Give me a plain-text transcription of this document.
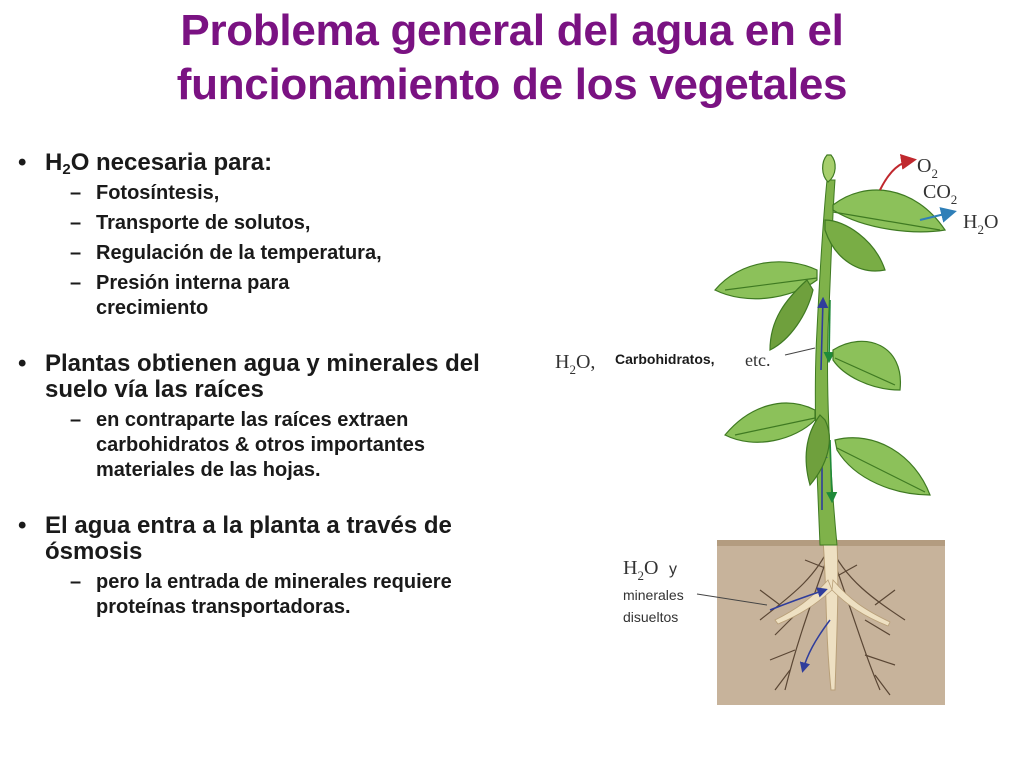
Problema general del agua en el
funcionamiento de los vegetales
• $H_2O$ necesaria para:
– Fotosíntesis,
– Transporte de solutos,
– Regulación de la temperatura,
– Presión interna para crecimiento
• Plantas obtienen agua y minerales del suelo vía las raíces
– en contraparte las raíces extraen carbohidratos & otros importantes materiales de las hojas.
• El agua entra a la planta a través de ósmosis
– pero la entrada de minerales requiere proteínas transportadoras.
$O_2$
$CO_2$
$H_2O$
$H_2O$, Carbohidratos, etc.
$H_2O$ y
minerales
disueltos
